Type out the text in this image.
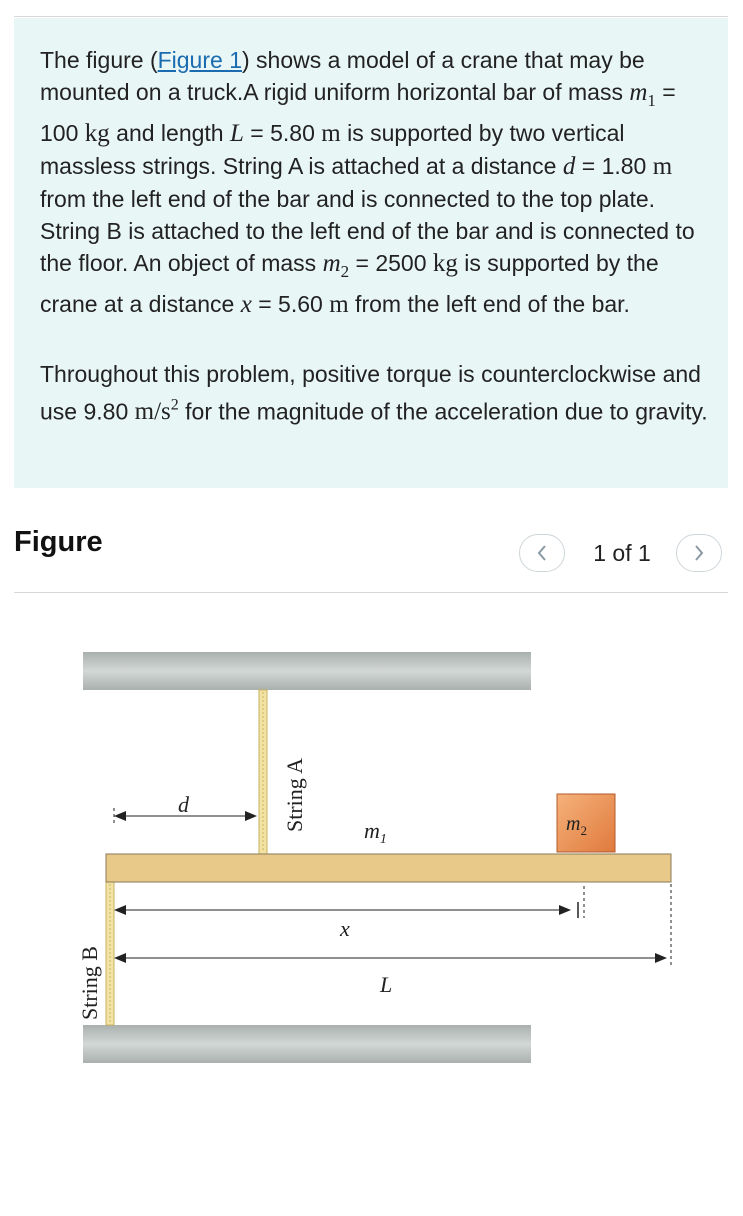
The figure (Figure 1) shows a model of a crane that may be mounted on a truck.A rigid uniform horizontal bar of mass $m_1 = 100$ kg and length L = 5.80 m is supported by two vertical massless strings. String A is attached at a distance d = 1.80 m from the left end of the bar and is connected to the top plate. String B is attached to the left end of the bar and is connected to the floor. An object of mass $m_2 = 2500$ kg is supported by the crane at a distance x = 5.60 m from the left end of the bar.

Throughout this problem, positive torque is counterclockwise and use 9.80 $m/s^2$ for the magnitude of the acceleration due to gravity.

Figure	1 of 1
d	String A
String B
$m_1$
$m_2$
x
L
